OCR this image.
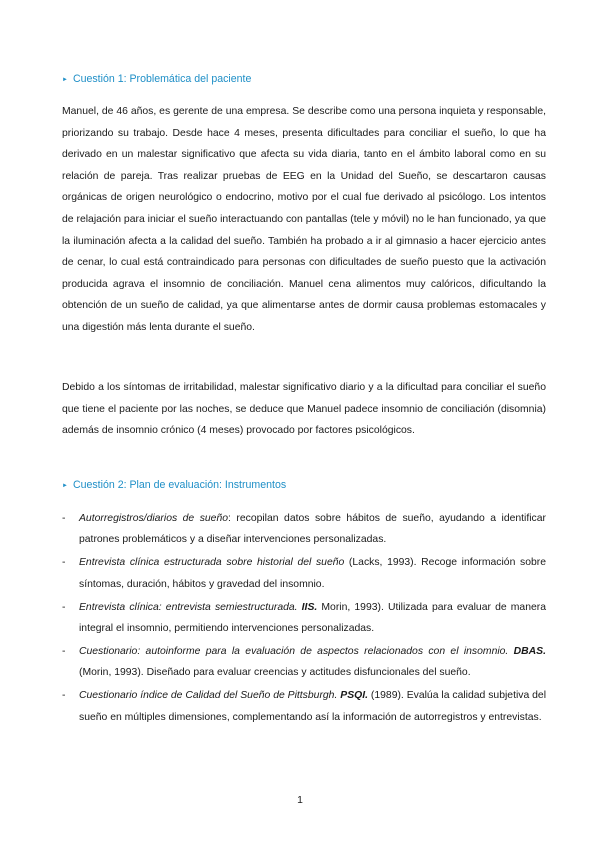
► Cuestión 1: Problemática del paciente

Manuel, de 46 años, es gerente de una empresa. Se describe como una persona inquieta y responsable, priorizando su trabajo. Desde hace 4 meses, presenta dificultades para conciliar el sueño, lo que ha derivado en un malestar significativo que afecta su vida diaria, tanto en el ámbito laboral como en su relación de pareja. Tras realizar pruebas de EEG en la Unidad del Sueño, se descartaron causas orgánicas de origen neurológico o endocrino, motivo por el cual fue derivado al psicólogo. Los intentos de relajación para iniciar el sueño interactuando con pantallas (tele y móvil) no le han funcionado, ya que la iluminación afecta a la calidad del sueño. También ha probado a ir al gimnasio a hacer ejercicio antes de cenar, lo cual está contraindicado para personas con dificultades de sueño puesto que la activación producida agrava el insomnio de conciliación. Manuel cena alimentos muy calóricos, dificultando la obtención de un sueño de calidad, ya que alimentarse antes de dormir causa problemas estomacales y una digestión más lenta durante el sueño.

Debido a los síntomas de irritabilidad, malestar significativo diario y a la dificultad para conciliar el sueño que tiene el paciente por las noches, se deduce que Manuel padece insomnio de conciliación (disomnia) además de insomnio crónico (4 meses) provocado por factores psicológicos.

► Cuestión 2: Plan de evaluación: Instrumentos
- Autorregistros/diarios de sueño: recopilan datos sobre hábitos de sueño, ayudando a identificar patrones problemáticos y a diseñar intervenciones personalizadas.
- Entrevista clínica estructurada sobre historial del sueño (Lacks, 1993). Recoge información sobre síntomas, duración, hábitos y gravedad del insomnio.
- Entrevista clínica: entrevista semiestructurada. IIS. Morin, 1993). Utilizada para evaluar de manera integral el insomnio, permitiendo intervenciones personalizadas.
- Cuestionario: autoinforme para la evaluación de aspectos relacionados con el insomnio. DBAS. (Morin, 1993). Diseñado para evaluar creencias y actitudes disfuncionales del sueño.
- Cuestionario índice de Calidad del Sueño de Pittsburgh. PSQI. (1989). Evalúa la calidad subjetiva del sueño en múltiples dimensiones, complementando así la información de autorregistros y entrevistas.
1
